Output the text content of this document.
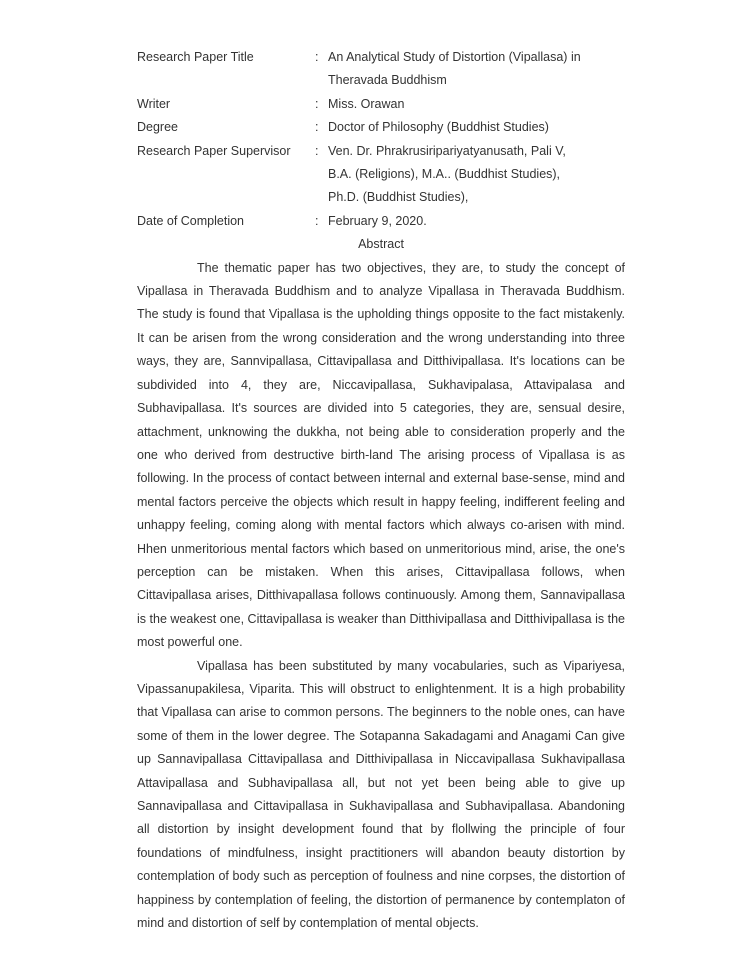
Research Paper Title	: An Analytical Study of Distortion (Vipallasa) in
Theravada Buddhism
Writer	: Miss. Orawan
Degree	: Doctor of Philosophy (Buddhist Studies)
Research Paper Supervisor	: Ven. Dr. Phrakrusiripariyatyanusath, Pali V,
B.A. (Religions), M.A.. (Buddhist Studies),
Ph.D. (Buddhist Studies),
Date of Completion	: February 9, 2020.
Abstract

The thematic paper has two objectives, they are, to study the concept of Vipallasa in Theravada Buddhism and to analyze Vipallasa in Theravada Buddhism. The study is found that Vipallasa is the upholding things opposite to the fact mistakenly. It can be arisen from the wrong consideration and the wrong understanding into three ways, they are, Sannvipallasa, Cittavipallasa and Ditthivipallasa. It's locations can be subdivided into 4, they are, Niccavipallasa, Sukhavipalasa, Attavipalasa and Subhavipallasa. It's sources are divided into 5 categories, they are, sensual desire, attachment, unknowing the dukkha, not being able to consideration properly and the one who derived from destructive birth-land The arising process of Vipallasa is as following. In the process of contact between internal and external base-sense, mind and mental factors perceive the objects which result in happy feeling, indifferent feeling and unhappy feeling, coming along with mental factors which always co-arisen with mind. Hhen unmeritorious mental factors which based on unmeritorious mind, arise, the one's perception can be mistaken. When this arises, Cittavipallasa follows, when Cittavipallasa arises, Ditthivapallasa follows continuously. Among them, Sannavipallasa is the weakest one, Cittavipallasa is weaker than Ditthivipallasa and Ditthivipallasa is the most powerful one.

Vipallasa has been substituted by many vocabularies, such as Vipariyesa, Vipassanupakilesa, Viparita. This will obstruct to enlightenment. It is a high probability that Vipallasa can arise to common persons. The beginners to the noble ones, can have some of them in the lower degree. The Sotapanna Sakadagami and Anagami Can give up Sannavipallasa Cittavipallasa and Ditthivipallasa in Niccavipallasa Sukhavipallasa Attavipallasa and Subhavipallasa all, but not yet been being able to give up Sannavipallasa and Cittavipallasa in Sukhavipallasa and Subhavipallasa. Abandoning all distortion by insight development found that by flollwing the principle of four foundations of mindfulness, insight practitioners will abandon beauty distortion by contemplation of body such as perception of foulness and nine corpses, the distortion of happiness by contemplation of feeling, the distortion of permanence by contemplaton of mind and distortion of self by contemplation of mental objects.
